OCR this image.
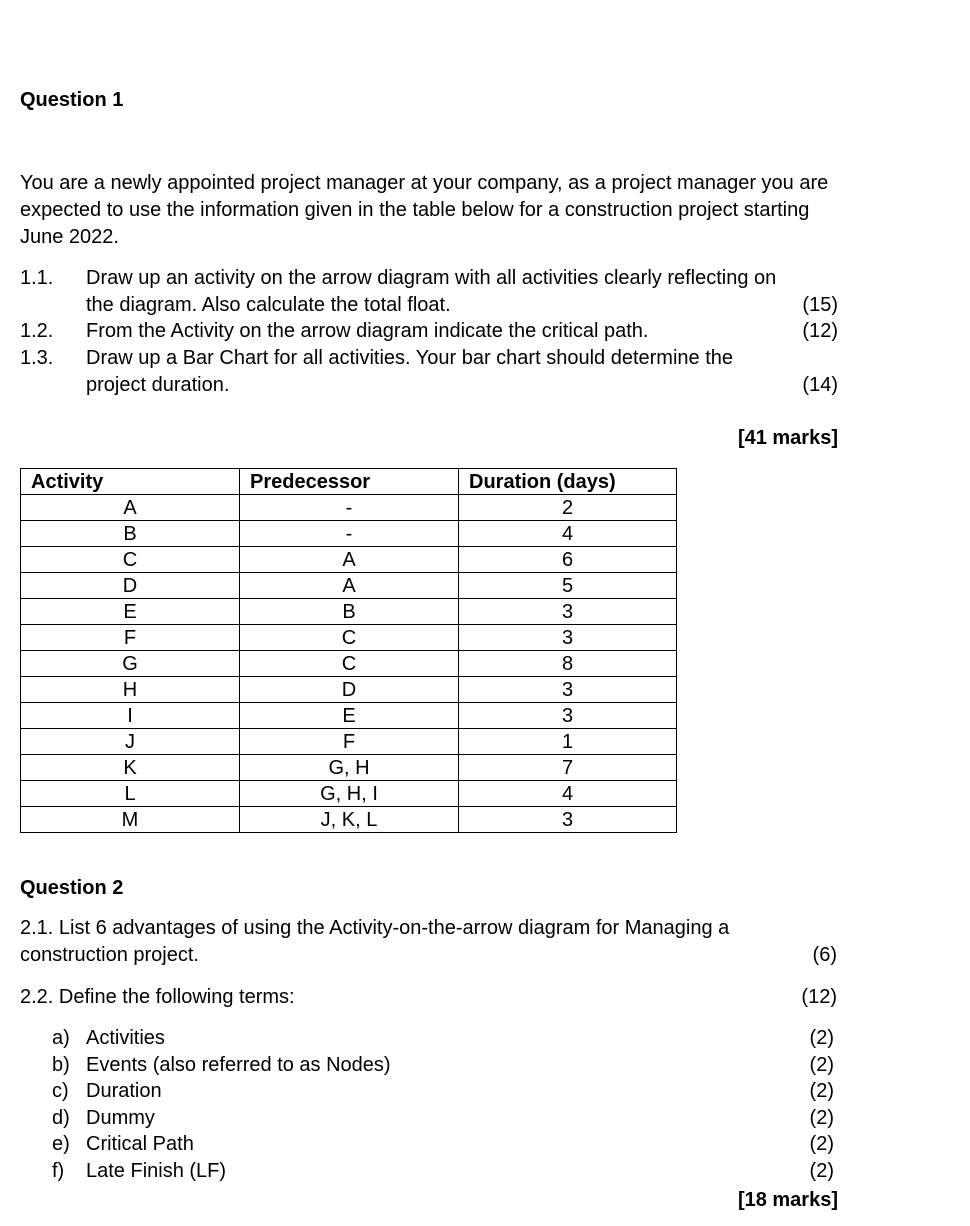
Question 1

You are a newly appointed project manager at your company, as a project manager you are expected to use the information given in the table below for a construction project starting June 2022.

1.1. Draw up an activity on the arrow diagram with all activities clearly reflecting on
the diagram. Also calculate the total float.	(15)
1.2. From the Activity on the arrow diagram indicate the critical path.	(12)
1.3. Draw up a Bar Chart for all activities. Your bar chart should determine the
project duration.	(14)
[41 marks]
Activity	Predecessor	Duration (days)
A	-	2
B	-	4
C	A	6
D	A	5
E	B	3
F	C	3
G	C	8
H	D	3
I	E	3
J	F	1
K	G, H	7
L	G, H, I	4
M	J, K, L	3
Question 2
2.1. List 6 advantages of using the Activity-on-the-arrow diagram for Managing a
construction project.	(6)
2.2. Define the following terms:	(12)
a) Activities	(2)
b) Events (also referred to as Nodes)	(2)
c) Duration	(2)
d) Dummy	(2)
e) Critical Path	(2)
f) Late Finish (LF)	(2)
[18 marks]
